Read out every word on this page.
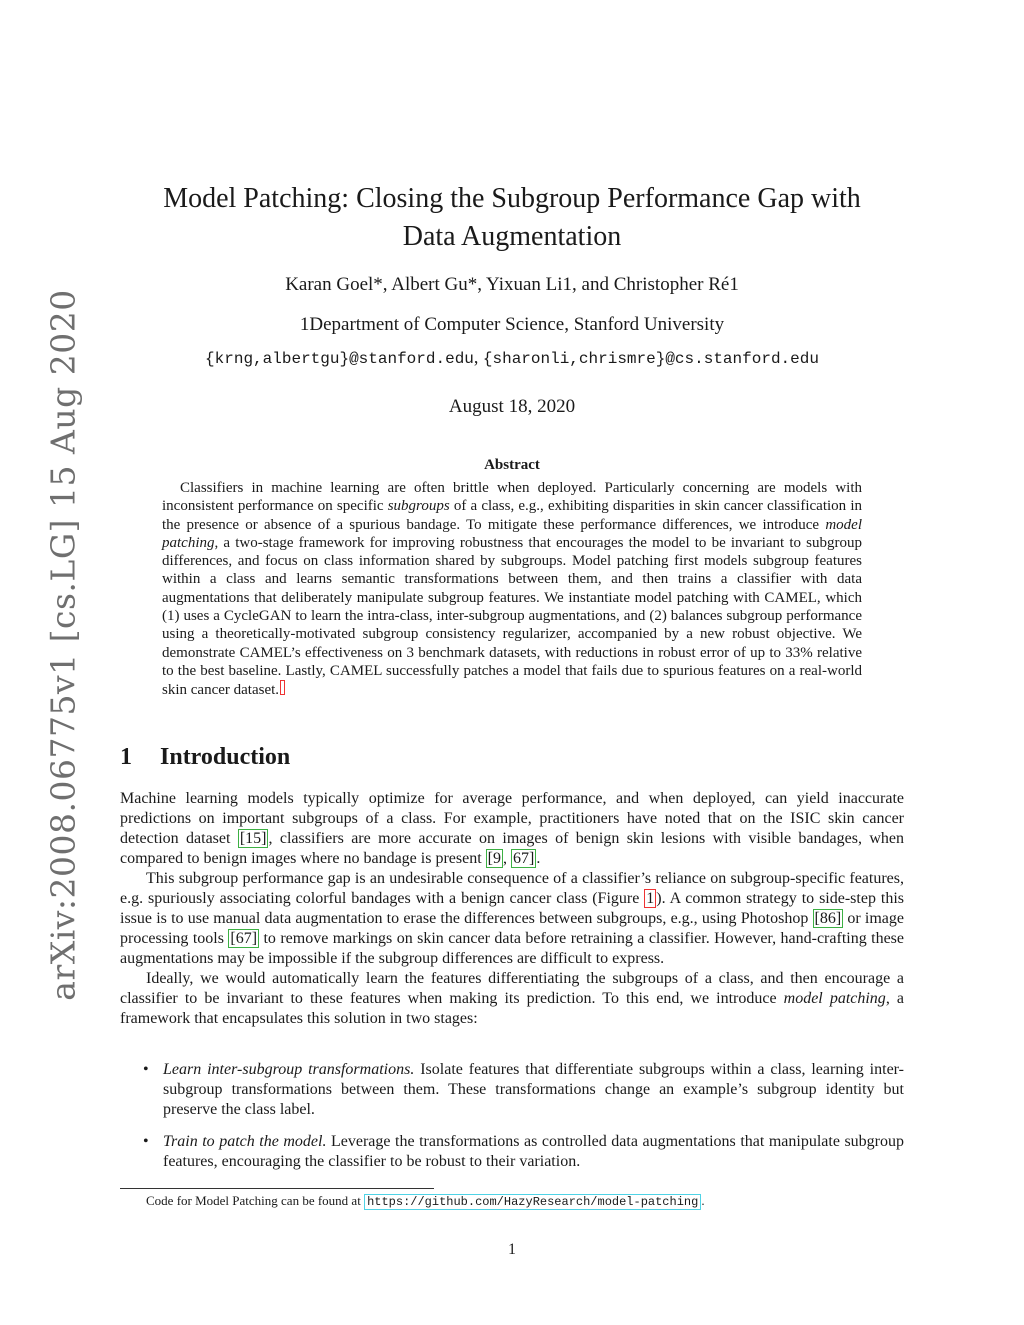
arXiv:2008.06775v1 [cs.LG] 15 Aug 2020
Model Patching: Closing the Subgroup Performance Gap with
Data Augmentation
Karan Goel*, Albert Gu*, Yixuan Li1, and Christopher Ré1
1Department of Computer Science, Stanford University
{krng,albertgu}@stanford.edu, {sharonli,chrismre}@cs.stanford.edu
August 18, 2020
Abstract
Classifiers in machine learning are often brittle when deployed. Particularly concerning are models with inconsistent performance on specific subgroups of a class, e.g., exhibiting disparities in skin cancer classification in the presence or absence of a spurious bandage. To mitigate these performance differences, we introduce model patching, a two-stage framework for improving robustness that encourages the model to be invariant to subgroup differences, and focus on class information shared by subgroups. Model patching first models subgroup features within a class and learns semantic transformations between them, and then trains a classifier with data augmentations that deliberately manipulate subgroup features. We instantiate model patching with CAMEL, which (1) uses a CycleGAN to learn the intra-class, inter-subgroup augmentations, and (2) balances subgroup performance using a theoretically-motivated subgroup consistency regularizer, accompanied by a new robust objective. We demonstrate CAMEL’s effectiveness on 3 benchmark datasets, with reductions in robust error of up to 33% relative to the best baseline. Lastly, CAMEL successfully patches a model that fails due to spurious features on a real-world skin cancer dataset.
1 Introduction

Machine learning models typically optimize for average performance, and when deployed, can yield inaccurate predictions on important subgroups of a class. For example, practitioners have noted that on the ISIC skin cancer detection dataset [15] , classifiers are more accurate on images of benign skin lesions with visible bandages, when compared to benign images where no bandage is present [9 , 67] .

This subgroup performance gap is an undesirable consequence of a classifier’s reliance on subgroup-specific features, e.g. spuriously associating colorful bandages with a benign cancer class (Figure 1 ). A common strategy to side-step this issue is to use manual data augmentation to erase the differences between subgroups, e.g., using Photoshop [86] or image processing tools [67] to remove markings on skin cancer data before retraining a classifier. However, hand-crafting these augmentations may be impossible if the subgroup differences are difficult to express.

Ideally, we would automatically learn the features differentiating the subgroups of a class, and then encourage a classifier to be invariant to these features when making its prediction. To this end, we introduce model patching, a framework that encapsulates this solution in two stages:

• Learn inter-subgroup transformations. Isolate features that differentiate subgroups within a class, learning inter-subgroup transformations between them. These transformations change an example’s subgroup identity but preserve the class label.
• Train to patch the model. Leverage the transformations as controlled data augmentations that manipulate subgroup features, encouraging the classifier to be robust to their variation.
Code for Model Patching can be found at https://github.com/HazyResearch/model-patching .
1
